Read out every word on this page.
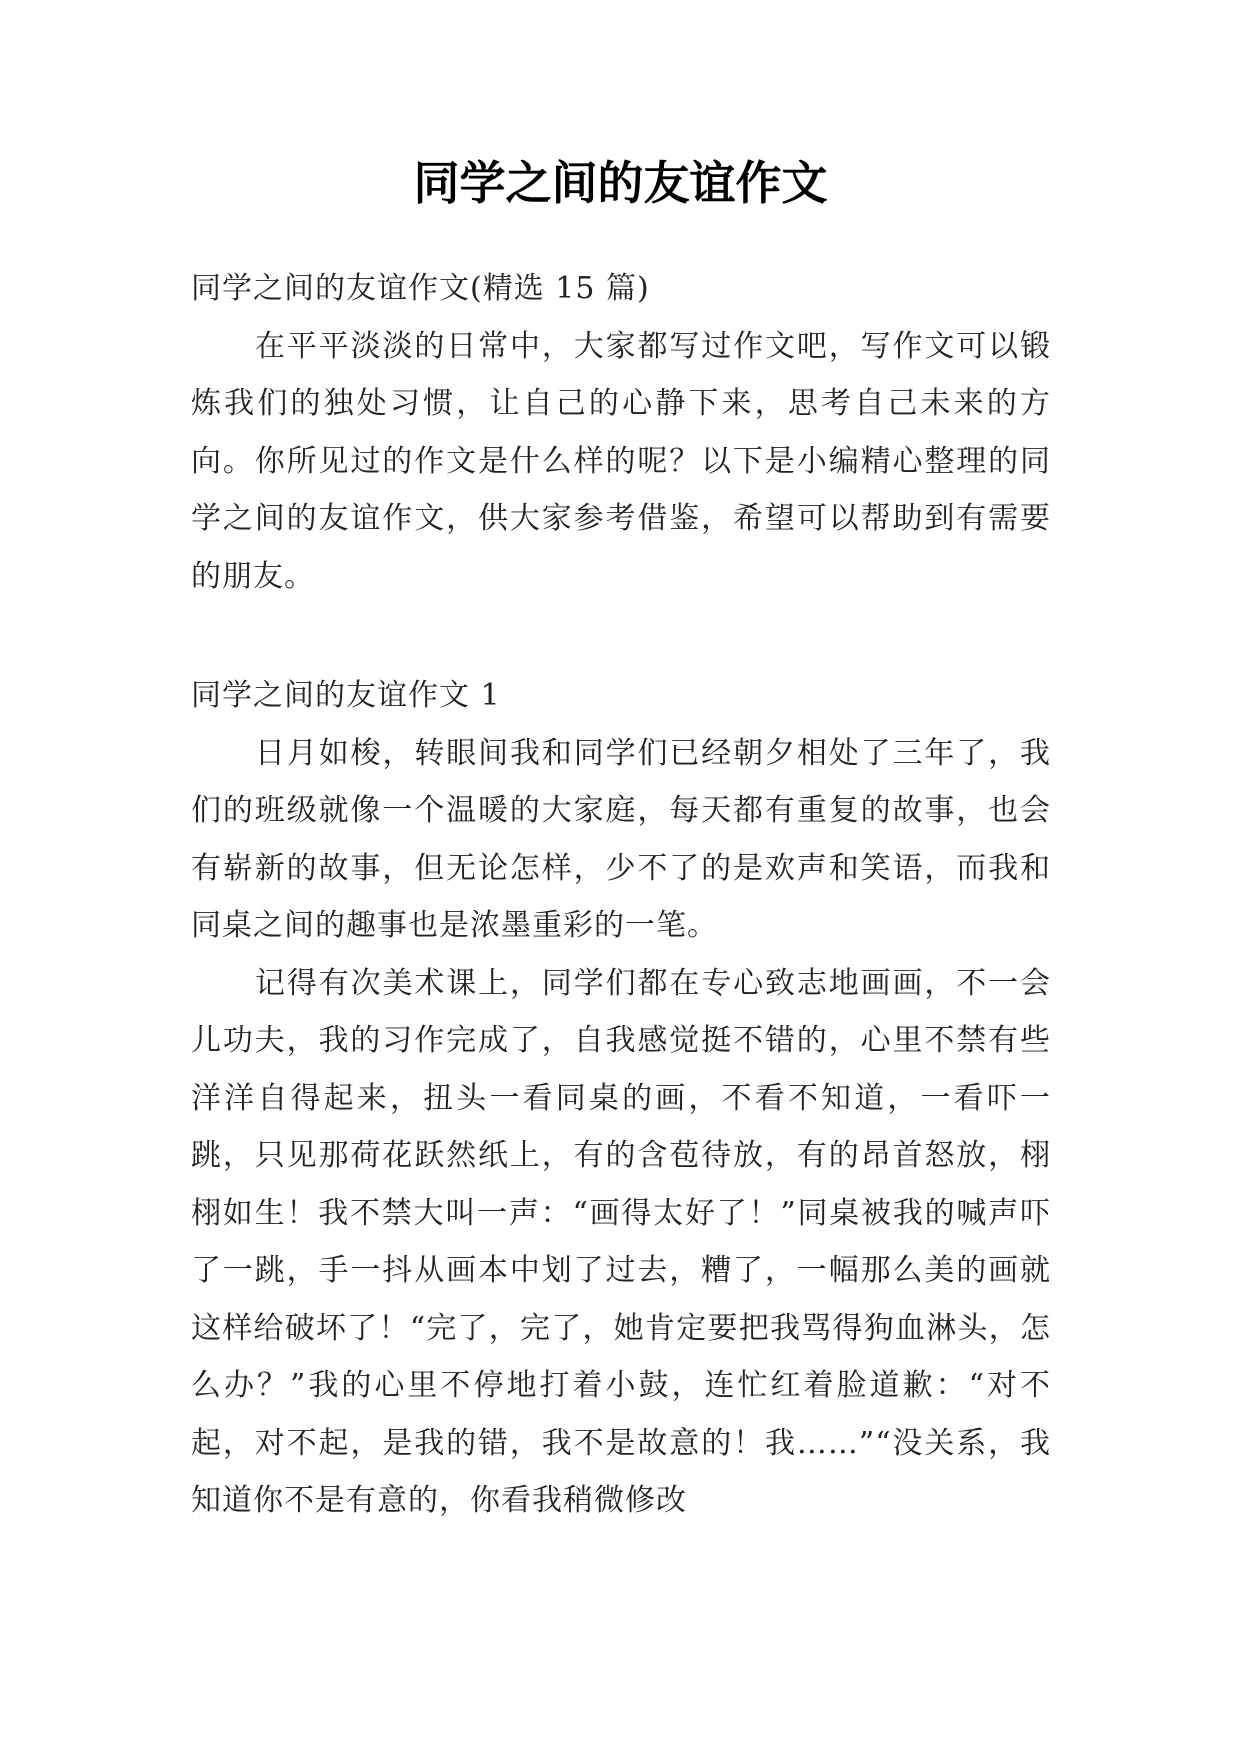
同学之间的友谊作文

同学之间的友谊作文(精选 15 篇)

在平平淡淡的日常中，大家都写过作文吧，写作文可以锻炼我们的独处习惯，让自己的心静下来，思考自己未来的方向。你所见过的作文是什么样的呢？以下是小编精心整理的同学之间的友谊作文，供大家参考借鉴，希望可以帮助到有需要的朋友。

同学之间的友谊作文 1

日月如梭，转眼间我和同学们已经朝夕相处了三年了，我们的班级就像一个温暖的大家庭，每天都有重复的故事，也会有崭新的故事，但无论怎样，少不了的是欢声和笑语，而我和同桌之间的趣事也是浓墨重彩的一笔。

记得有次美术课上，同学们都在专心致志地画画，不一会儿功夫，我的习作完成了，自我感觉挺不错的，心里不禁有些洋洋自得起来，扭头一看同桌的画，不看不知道，一看吓一跳，只见那荷花跃然纸上，有的含苞待放，有的昂首怒放，栩栩如生！我不禁大叫一声：“画得太好了！”同桌被我的喊声吓了一跳，手一抖从画本中划了过去，糟了，一幅那么美的画就这样给破坏了！“完了，完了，她肯定要把我骂得狗血淋头，怎么办？”我的心里不停地打着小鼓，连忙红着脸道歉：“对不起，对不起，是我的错，我不是故意的！我……”“没关系，我知道你不是有意的，你看我稍微修改
